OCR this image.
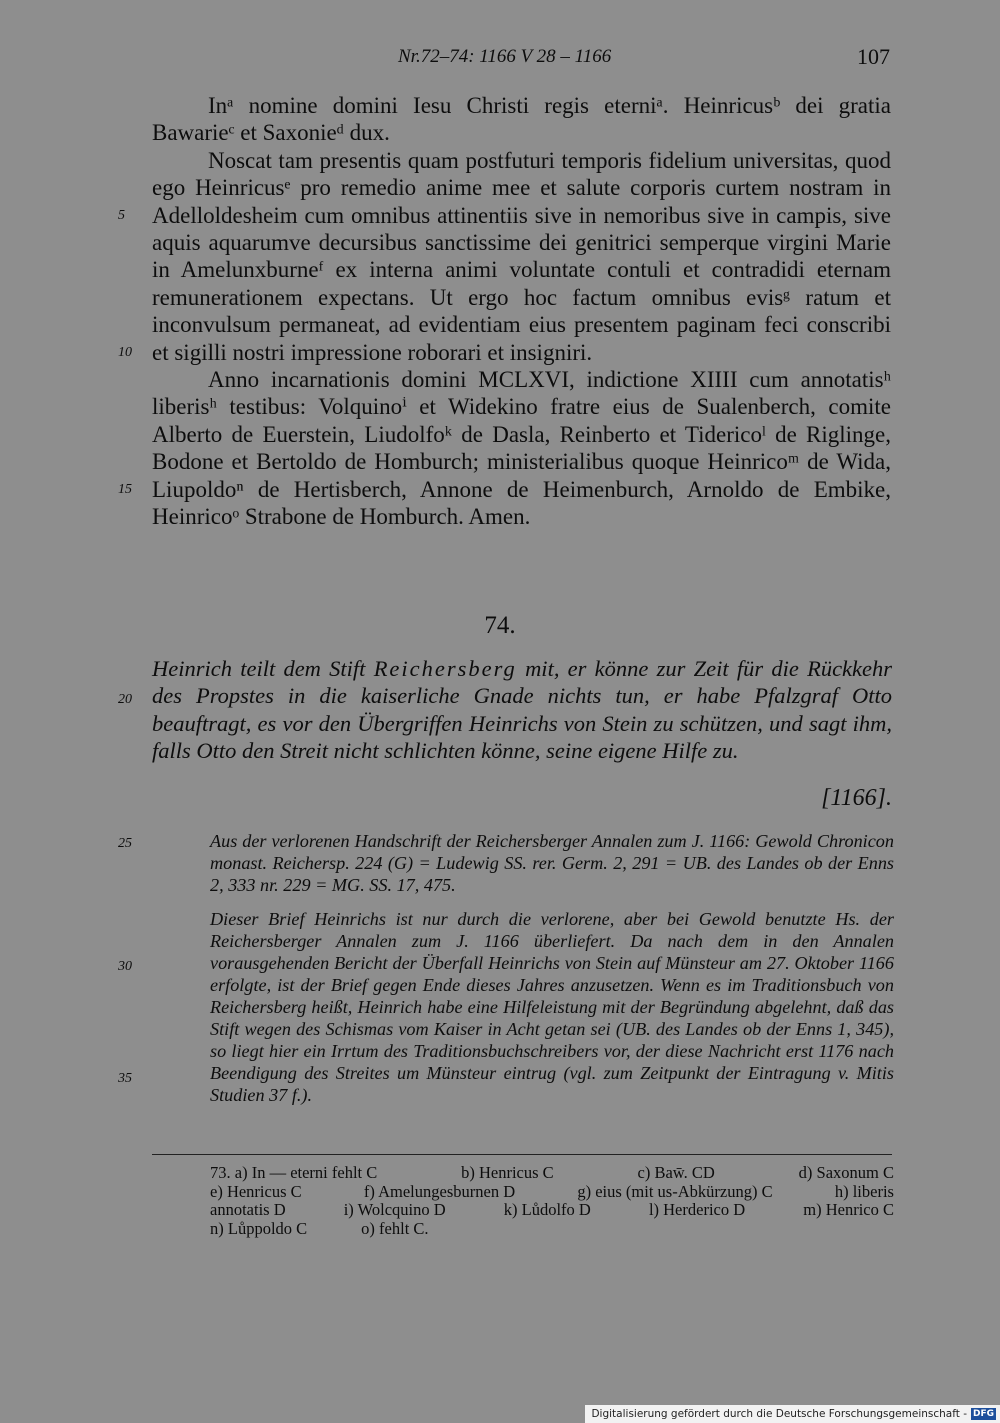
Nr.72–74: 1166 V 28 – 1166	107

Inᵃ nomine domini Iesu Christi regis eterniᵃ. Heinricusᵇ dei gratia Bawarieᶜ et Saxonieᵈ dux.

Noscat tam presentis quam postfuturi temporis fidelium universitas, quod ego Heinricusᵉ pro remedio anime mee et salute corporis curtem nostram in Adelloldesheim cum omnibus attinentiis sive in nemoribus sive in campis, sive aquis aquarumve decursibus sanctissime dei genitrici semperque virgini Marie in Amelunxburneᶠ ex interna animi voluntate contuli et contradidi eternam remunerationem expectans. Ut ergo hoc factum omnibus evisᵍ ratum et inconvulsum permaneat, ad evidentiam eius presentem paginam feci conscribi et sigilli nostri impressione roborari et insigniri.

Anno incarnationis domini MCLXVI, indictione XIIII cum annotatisʰ liberisʰ testibus: Volquinoⁱ et Widekino fratre eius de Sualenberch, comite Alberto de Euerstein, Liudolfoᵏ de Dasla, Reinberto et Tidericoˡ de Riglinge, Bodone et Bertoldo de Homburch; ministerialibus quoque Heinricoᵐ de Wida, Liupoldoⁿ de Hertisberch, Annone de Heimenburch, Arnoldo de Embike, Heinricoᵒ Strabone de Homburch. Amen.

5
10
15
20
25
30
35
74.
Heinrich teilt dem Stift Reichersberg mit, er könne zur Zeit für die Rückkehr des Propstes in die kaiserliche Gnade nichts tun, er habe Pfalzgraf Otto beauftragt, es vor den Übergriffen Heinrichs von Stein zu schützen, und sagt ihm, falls Otto den Streit nicht schlichten könne, seine eigene Hilfe zu.
[1166].

Aus der verlorenen Handschrift der Reichersberger Annalen zum J. 1166: Gewold Chronicon monast. Reichersp. 224 (G) = Ludewig SS. rer. Germ. 2, 291 = UB. des Landes ob der Enns 2, 333 nr. 229 = MG. SS. 17, 475.

Dieser Brief Heinrichs ist nur durch die verlorene, aber bei Gewold benutzte Hs. der Reichersberger Annalen zum J. 1166 überliefert. Da nach dem in den Annalen vorausgehenden Bericht der Überfall Heinrichs von Stein auf Münsteur am 27. Oktober 1166 erfolgte, ist der Brief gegen Ende dieses Jahres anzusetzen. Wenn es im Traditionsbuch von Reichersberg heißt, Heinrich habe eine Hilfeleistung mit der Begründung abgelehnt, daß das Stift wegen des Schismas vom Kaiser in Acht getan sei (UB. des Landes ob der Enns 1, 345), so liegt hier ein Irrtum des Traditionsbuchschreibers vor, der diese Nachricht erst 1176 nach Beendigung des Streites um Münsteur eintrug (vgl. zum Zeitpunkt der Eintragung v. Mitis Studien 37 f.).

73. a) In — eterni fehlt C	b) Henricus C	c) Baw̄. CD	d) Saxonum C
e) Henricus C	f) Amelungesburnen D	g) eius (mit us-Abkürzung) C	h) liberis
annotatis D	i) Wolcquino D	k) Lůdolfo D	l) Herderico D	m) Henrico C
n) Lůppoldo C	o) fehlt C.
Digitalisierung gefördert durch die Deutsche Forschungsgemeinschaft - DFG
